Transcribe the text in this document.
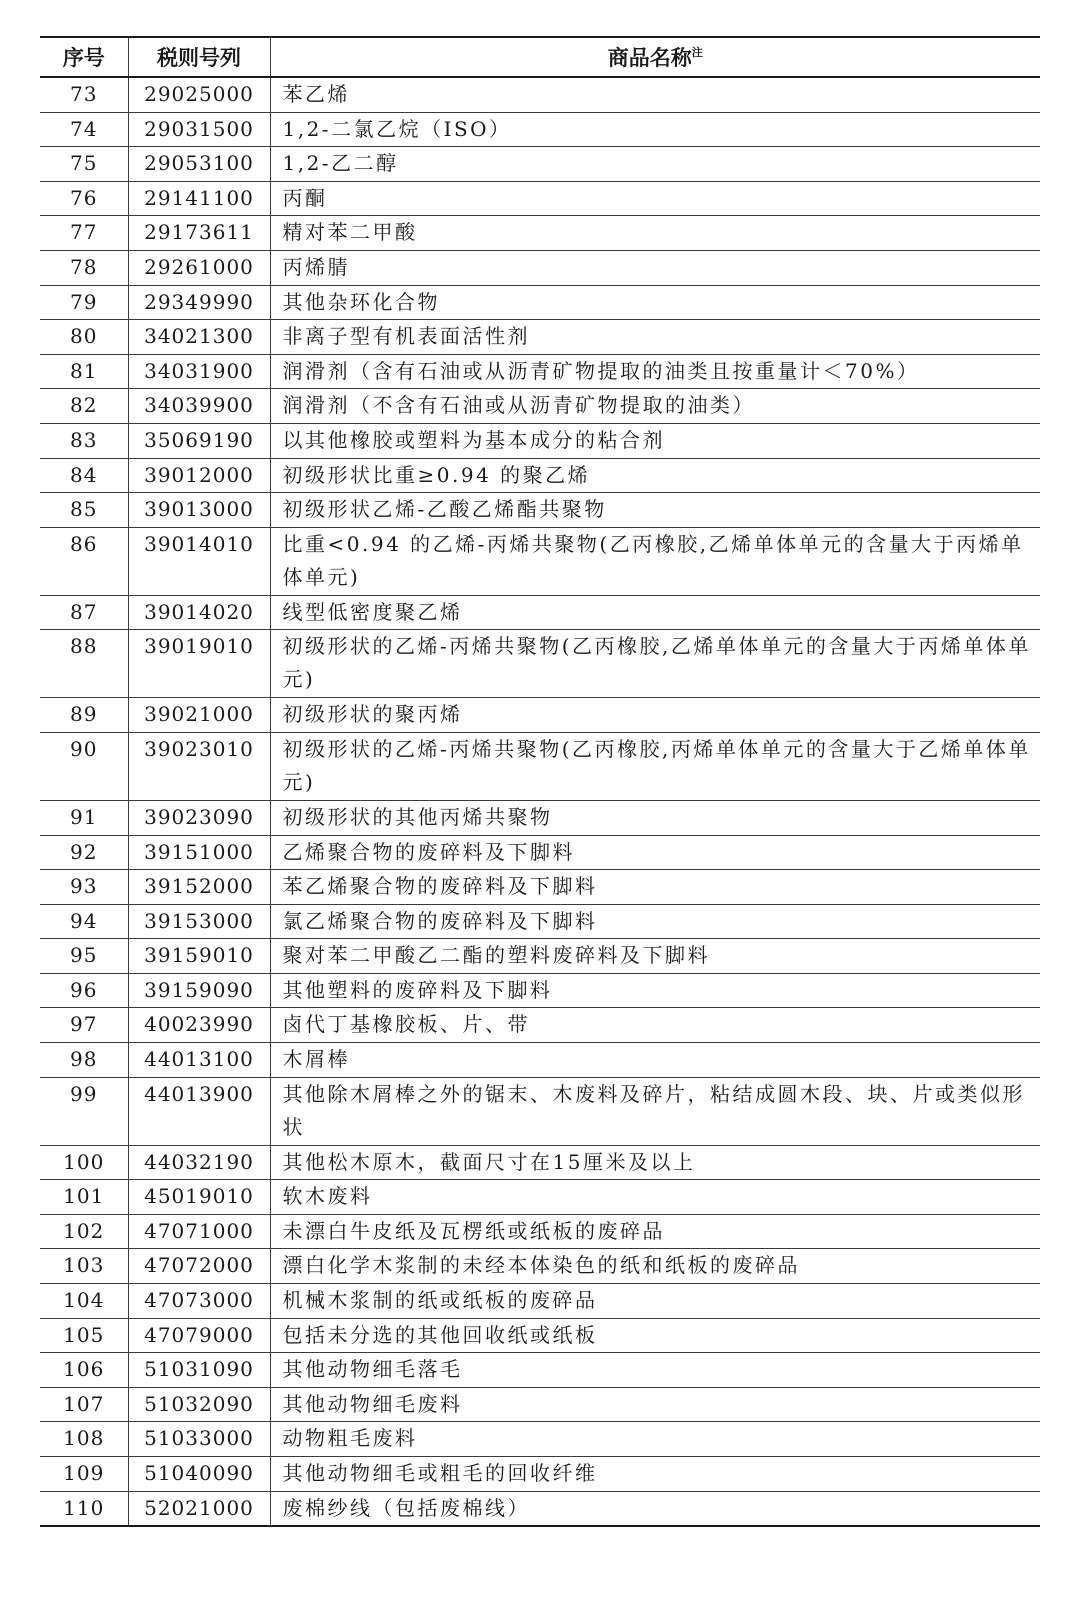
序号	税则号列	商品名称$^注$
73	29025000	苯乙烯
74	29031500	1,2-二氯乙烷（ISO）
75	29053100	1,2-乙二醇
76	29141100	丙酮
77	29173611	精对苯二甲酸
78	29261000	丙烯腈
79	29349990	其他杂环化合物
80	34021300	非离子型有机表面活性剂
81	34031900	润滑剂（含有石油或从沥青矿物提取的油类且按重量计＜70%）
82	34039900	润滑剂（不含有石油或从沥青矿物提取的油类）
83	35069190	以其他橡胶或塑料为基本成分的粘合剂
84	39012000	初级形状比重≥0.94 的聚乙烯
85	39013000	初级形状乙烯-乙酸乙烯酯共聚物
86	39014010	比重<0.94 的乙烯-丙烯共聚物(乙丙橡胶,乙烯单体单元的含量大于丙烯单体单元)
87	39014020	线型低密度聚乙烯
88	39019010	初级形状的乙烯-丙烯共聚物(乙丙橡胶,乙烯单体单元的含量大于丙烯单体单元)
89	39021000	初级形状的聚丙烯
90	39023010	初级形状的乙烯-丙烯共聚物(乙丙橡胶,丙烯单体单元的含量大于乙烯单体单元)
91	39023090	初级形状的其他丙烯共聚物
92	39151000	乙烯聚合物的废碎料及下脚料
93	39152000	苯乙烯聚合物的废碎料及下脚料
94	39153000	氯乙烯聚合物的废碎料及下脚料
95	39159010	聚对苯二甲酸乙二酯的塑料废碎料及下脚料
96	39159090	其他塑料的废碎料及下脚料
97	40023990	卤代丁基橡胶板、片、带
98	44013100	木屑棒
99	44013900	其他除木屑棒之外的锯末、木废料及碎片，粘结成圆木段、块、片或类似形状
100	44032190	其他松木原木，截面尺寸在15厘米及以上
101	45019010	软木废料
102	47071000	未漂白牛皮纸及瓦楞纸或纸板的废碎品
103	47072000	漂白化学木浆制的未经本体染色的纸和纸板的废碎品
104	47073000	机械木浆制的纸或纸板的废碎品
105	47079000	包括未分选的其他回收纸或纸板
106	51031090	其他动物细毛落毛
107	51032090	其他动物细毛废料
108	51033000	动物粗毛废料
109	51040090	其他动物细毛或粗毛的回收纤维
110	52021000	废棉纱线（包括废棉线）
